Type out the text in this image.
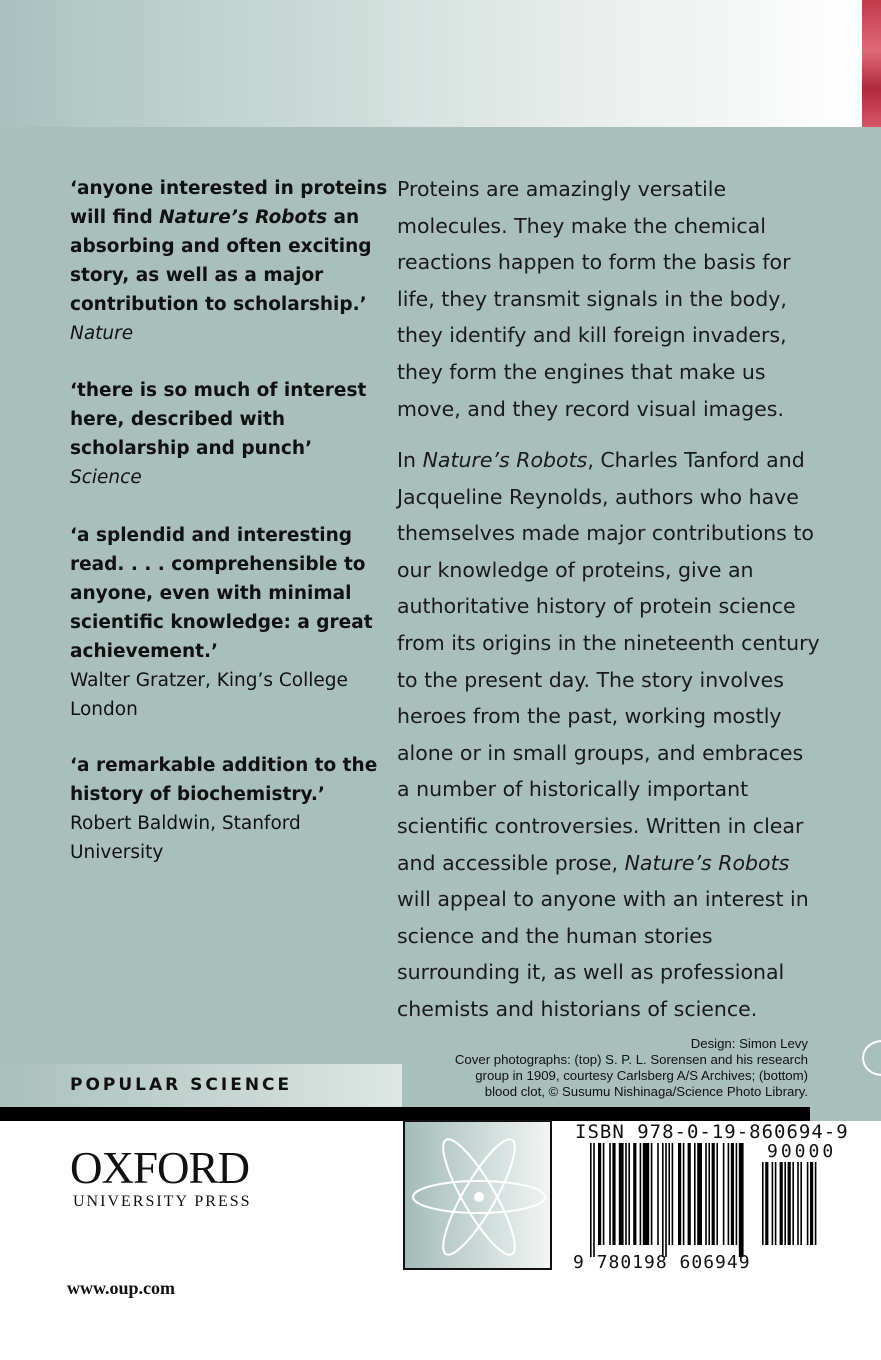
‘anyone interested in proteins
will find Nature’s Robots an
absorbing and often exciting
story, as well as a major
contribution to scholarship.’
Nature
‘there is so much of interest
here, described with
scholarship and punch’
Science
‘a splendid and interesting
read. . . . comprehensible to
anyone, even with minimal
scientific knowledge: a great
achievement.’
Walter Gratzer, King’s College
London
‘a remarkable addition to the
history of biochemistry.’
Robert Baldwin, Stanford
University
Proteins are amazingly versatile
molecules. They make the chemical
reactions happen to form the basis for
life, they transmit signals in the body,
they identify and kill foreign invaders,
they form the engines that make us
move, and they record visual images.
In Nature’s Robots, Charles Tanford and
Jacqueline Reynolds, authors who have
themselves made major contributions to
our knowledge of proteins, give an
authoritative history of protein science
from its origins in the nineteenth century
to the present day. The story involves
heroes from the past, working mostly
alone or in small groups, and embraces
a number of historically important
scientific controversies. Written in clear
and accessible prose, Nature’s Robots
will appeal to anyone with an interest in
science and the human stories
surrounding it, as well as professional
chemists and historians of science.
Design: Simon Levy
Cover photographs: (top) S. P. L. Sorensen and his research
group in 1909, courtesy Carlsberg A/S Archives; (bottom)
blood clot, © Susumu Nishinaga/Science Photo Library.
POPULAR SCIENCE
OXFORD
UNIVERSITY PRESS
www.oup.com
ISBN 978-0-19-860694-9
90000
9 780198 606949
